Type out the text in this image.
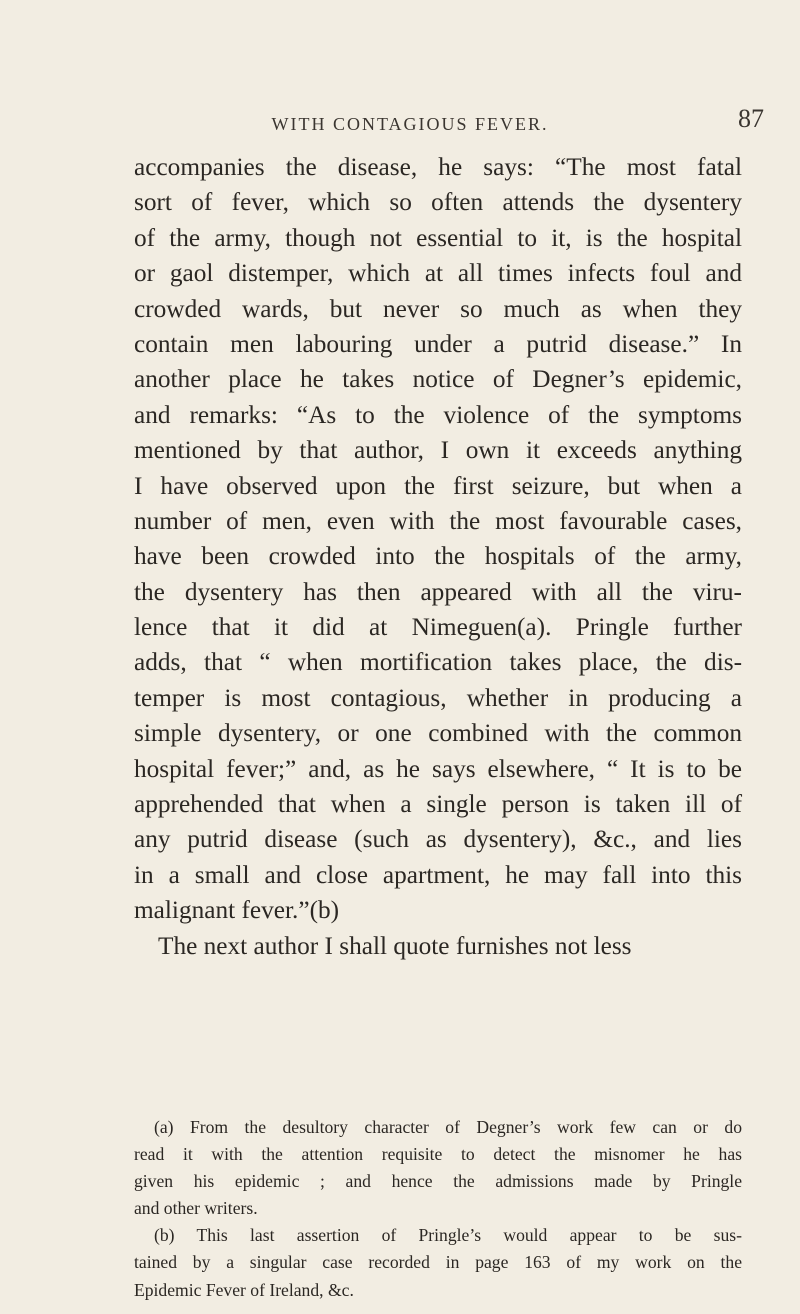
WITH CONTAGIOUS FEVER.	87
accompanies the disease, he says: “The most fatal
sort of fever, which so often attends the dysentery
of the army, though not essential to it, is the hospital
or gaol distemper, which at all times infects foul and
crowded wards, but never so much as when they
contain men labouring under a putrid disease.” In
another place he takes notice of Degner’s epidemic,
and remarks: “As to the violence of the symptoms
mentioned by that author, I own it exceeds anything
I have observed upon the first seizure, but when a
number of men, even with the most favourable cases,
have been crowded into the hospitals of the army,
the dysentery has then appeared with all the viru-
lence that it did at Nimeguen(a). Pringle further
adds, that “ when mortification takes place, the dis-
temper is most contagious, whether in producing a
simple dysentery, or one combined with the common
hospital fever;” and, as he says elsewhere, “ It is to be
apprehended that when a single person is taken ill of
any putrid disease (such as dysentery), &c., and lies
in a small and close apartment, he may fall into this
malignant fever.”(b)
The next author I shall quote furnishes not less
(a) From the desultory character of Degner’s work few can or do
read it with the attention requisite to detect the misnomer he has
given his epidemic ; and hence the admissions made by Pringle
and other writers.
(b) This last assertion of Pringle’s would appear to be sus-
tained by a singular case recorded in page 163 of my work on the
Epidemic Fever of Ireland, &c.
